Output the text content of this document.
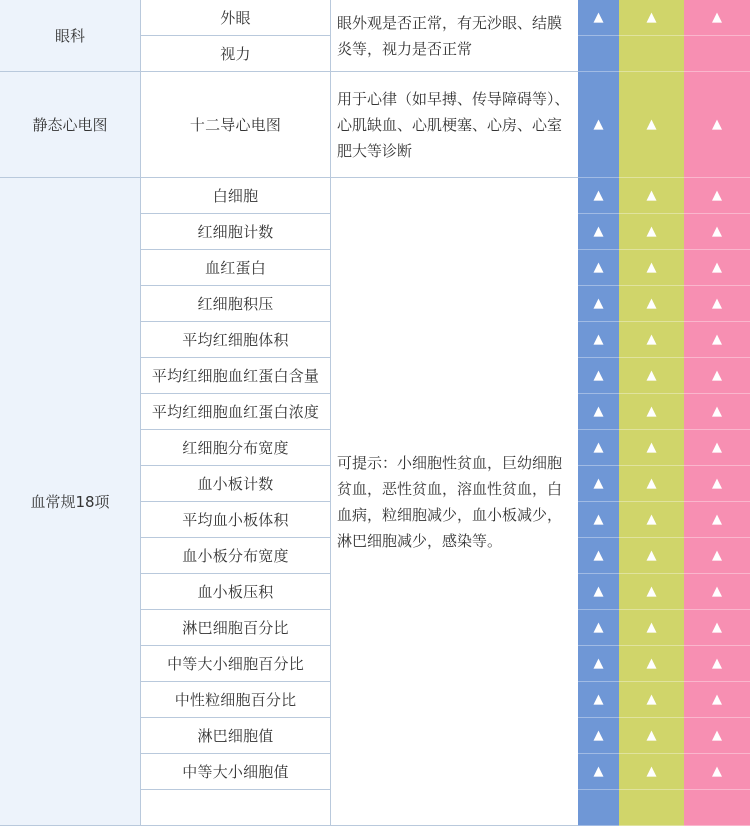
眼科
眼外观是否正常，有无沙眼、结膜炎等，视力是否正常
外眼	▲	▲	▲
视力
静态心电图
用于心律（如早搏、传导障碍等）、心肌缺血、心肌梗塞、心房、心室肥大等诊断
十二导心电图	▲	▲	▲
血常规18项
可提示：小细胞性贫血，巨幼细胞贫血，恶性贫血，溶血性贫血，白血病，粒细胞减少，血小板减少，淋巴细胞减少，感染等。
白细胞	▲	▲	▲
红细胞计数	▲	▲	▲
血红蛋白	▲	▲	▲
红细胞积压	▲	▲	▲
平均红细胞体积	▲	▲	▲
平均红细胞血红蛋白含量	▲	▲	▲
平均红细胞血红蛋白浓度	▲	▲	▲
红细胞分布宽度	▲	▲	▲
血小板计数	▲	▲	▲
平均血小板体积	▲	▲	▲
血小板分布宽度	▲	▲	▲
血小板压积	▲	▲	▲
淋巴细胞百分比	▲	▲	▲
中等大小细胞百分比	▲	▲	▲
中性粒细胞百分比	▲	▲	▲
淋巴细胞值	▲	▲	▲
中等大小细胞值	▲	▲	▲
